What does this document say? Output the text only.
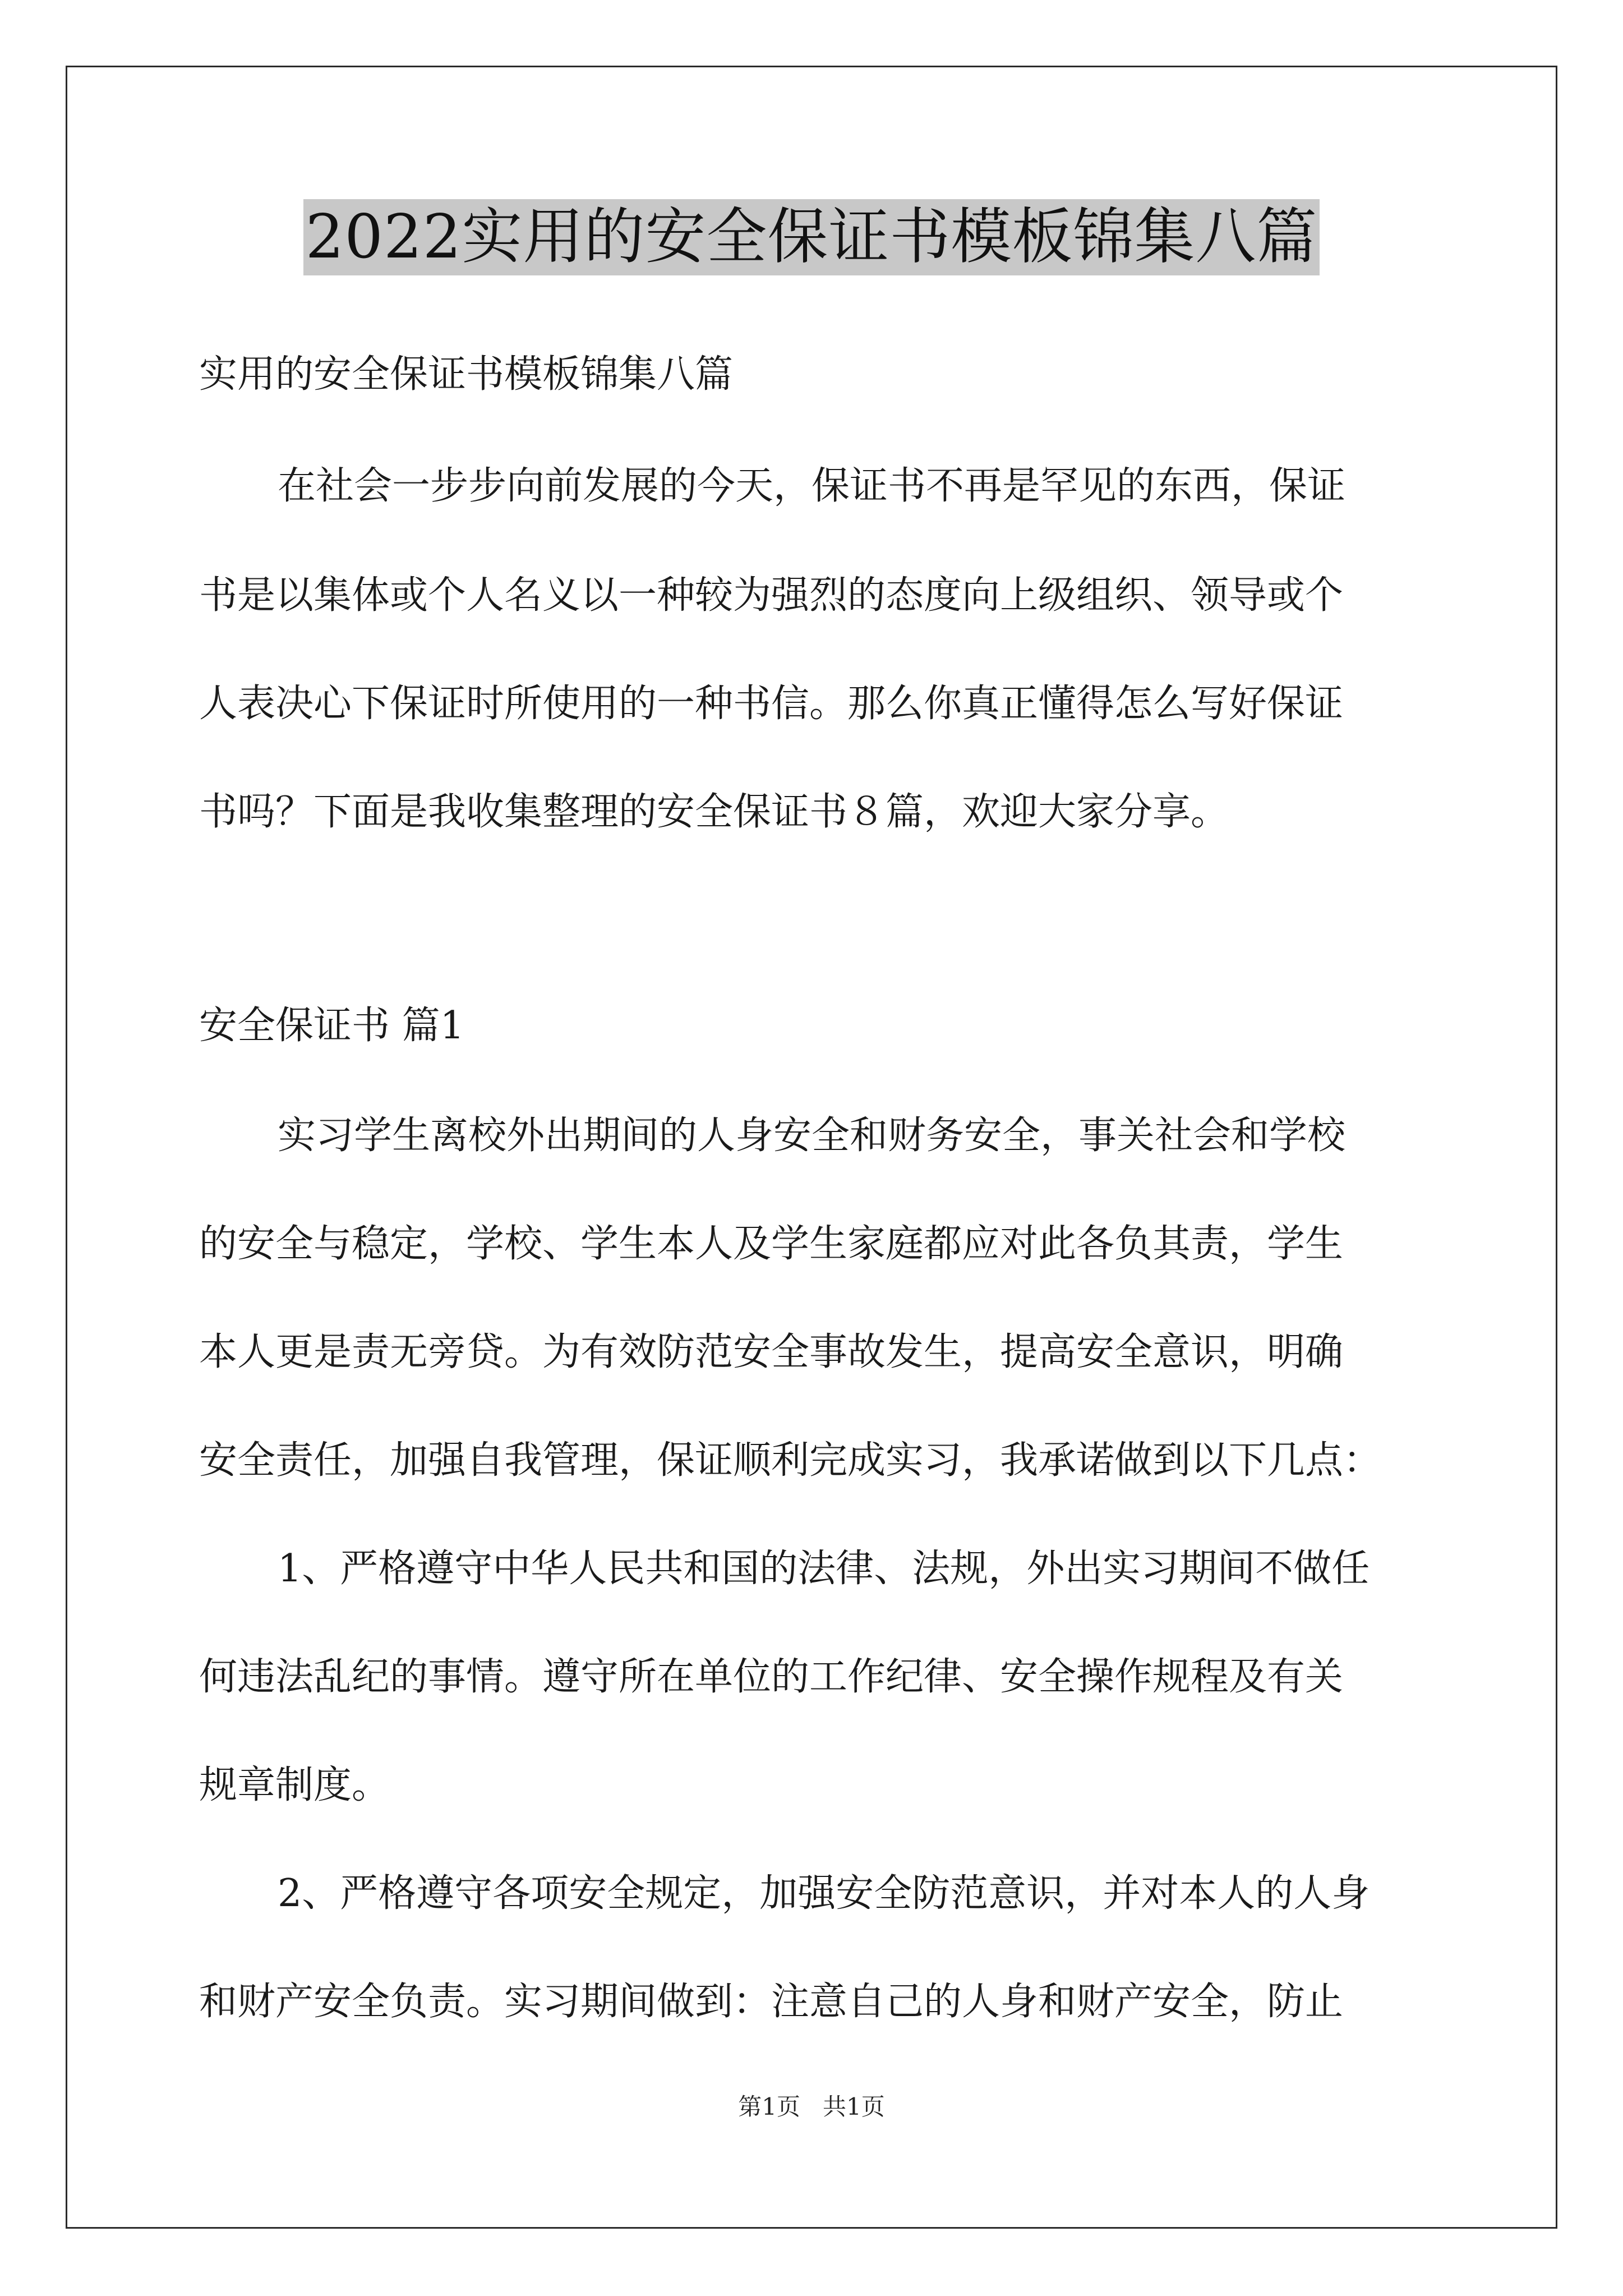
2022实用的安全保证书模板锦集八篇
实用的安全保证书模板锦集八篇
在社会一步步向前发展的今天，保证书不再是罕见的东西，保证
书是以集体或个人名义以一种较为强烈的态度向上级组织、领导或个
人表决心下保证时所使用的一种书信。那么你真正懂得怎么写好保证
书吗？下面是我收集整理的安全保证书８篇，欢迎大家分享。
安全保证书 篇1
实习学生离校外出期间的人身安全和财务安全，事关社会和学校
的安全与稳定，学校、学生本人及学生家庭都应对此各负其责，学生
本人更是责无旁贷。为有效防范安全事故发生，提高安全意识，明确
安全责任，加强自我管理，保证顺利完成实习，我承诺做到以下几点：
1、严格遵守中华人民共和国的法律、法规，外出实习期间不做任
何违法乱纪的事情。遵守所在单位的工作纪律、安全操作规程及有关
规章制度。
2、严格遵守各项安全规定，加强安全防范意识，并对本人的人身
和财产安全负责。实习期间做到：注意自己的人身和财产安全，防止
第1页   共1页
